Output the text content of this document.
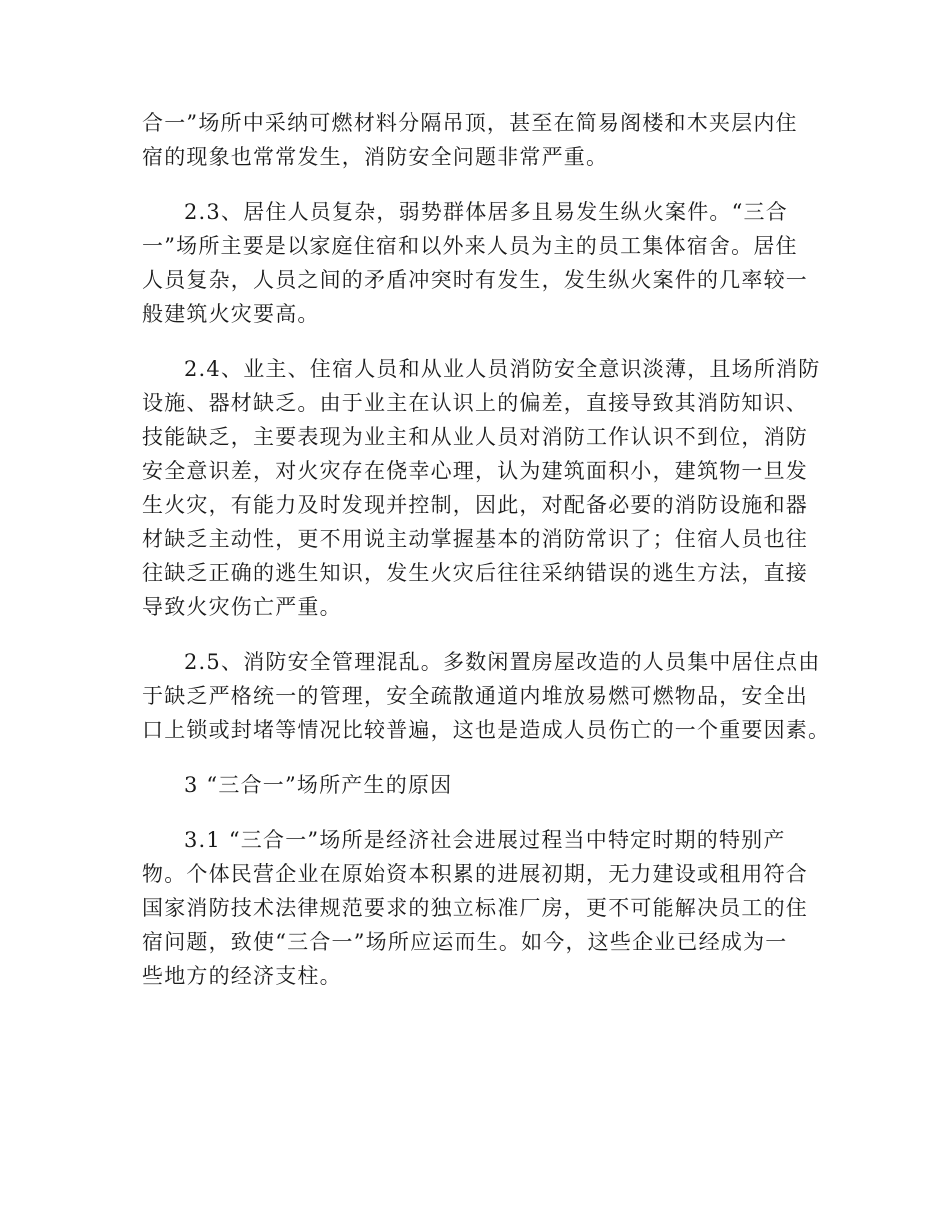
合一”场所中采纳可燃材料分隔吊顶，甚至在简易阁楼和木夹层内住
宿的现象也常常发生，消防安全问题非常严重。

2.3、居住人员复杂，弱势群体居多且易发生纵火案件。“三合
一”场所主要是以家庭住宿和以外来人员为主的员工集体宿舍。居住
人员复杂，人员之间的矛盾冲突时有发生，发生纵火案件的几率较一
般建筑火灾要高。

2.4、业主、住宿人员和从业人员消防安全意识淡薄，且场所消防
设施、器材缺乏。由于业主在认识上的偏差，直接导致其消防知识、
技能缺乏，主要表现为业主和从业人员对消防工作认识不到位，消防
安全意识差，对火灾存在侥幸心理，认为建筑面积小，建筑物一旦发
生火灾，有能力及时发现并控制，因此，对配备必要的消防设施和器
材缺乏主动性，更不用说主动掌握基本的消防常识了；住宿人员也往
往缺乏正确的逃生知识，发生火灾后往往采纳错误的逃生方法，直接
导致火灾伤亡严重。

2.5、消防安全管理混乱。多数闲置房屋改造的人员集中居住点由
于缺乏严格统一的管理，安全疏散通道内堆放易燃可燃物品，安全出
口上锁或封堵等情况比较普遍，这也是造成人员伤亡的一个重要因素。

3 “三合一”场所产生的原因

3.1 “三合一”场所是经济社会进展过程当中特定时期的特别产
物。个体民营企业在原始资本积累的进展初期，无力建设或租用符合
国家消防技术法律规范要求的独立标准厂房，更不可能解决员工的住
宿问题，致使“三合一”场所应运而生。如今，这些企业已经成为一
些地方的经济支柱。
